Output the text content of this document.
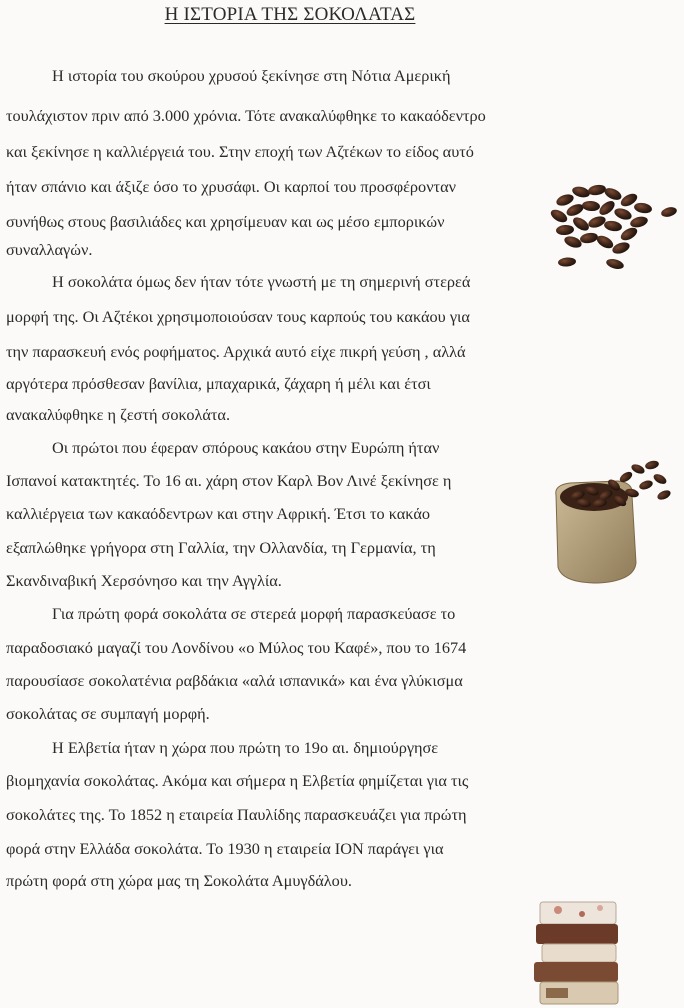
Η ΙΣΤΟΡΙΑ ΤΗΣ ΣΟΚΟΛΑΤΑΣ
Η ιστορία του σκούρου χρυσού ξεκίνησε στη Νότια Αμερική
τουλάχιστον πριν από 3.000 χρόνια. Τότε ανακαλύφθηκε το κακαόδεντρο
και ξεκίνησε η καλλιέργειά του. Στην εποχή των Αζτέκων το είδος αυτό
ήταν σπάνιο και άξιζε όσο το χρυσάφι. Οι καρποί του προσφέρονταν
συνήθως στους βασιλιάδες και χρησίμευαν και ως μέσο εμπορικών
συναλλαγών.
Η σοκολάτα όμως δεν ήταν τότε γνωστή με τη σημερινή στερεά
μορφή της. Οι Αζτέκοι χρησιμοποιούσαν τους καρπούς του κακάου για
την παρασκευή ενός ροφήματος. Αρχικά αυτό είχε πικρή γεύση , αλλά
αργότερα πρόσθεσαν βανίλια, μπαχαρικά, ζάχαρη ή μέλι και έτσι
ανακαλύφθηκε η ζεστή σοκολάτα.
Οι πρώτοι που έφεραν σπόρους κακάου στην Ευρώπη ήταν
Ισπανοί κατακτητές. Το 16 αι. χάρη στον Καρλ Βον Λινέ ξεκίνησε η
καλλιέργεια των κακαόδεντρων και στην Αφρική. Έτσι το κακάο
εξαπλώθηκε γρήγορα στη Γαλλία, την Ολλανδία, τη Γερμανία, τη
Σκανδιναβική Χερσόνησο και την Αγγλία.
Για πρώτη φορά σοκολάτα σε στερεά μορφή παρασκεύασε το
παραδοσιακό μαγαζί του Λονδίνου «ο Μύλος του Καφέ», που το 1674
παρουσίασε σοκολατένια ραβδάκια «αλά ισπανικά» και ένα γλύκισμα
σοκολάτας σε συμπαγή μορφή.
Η Ελβετία ήταν η χώρα που πρώτη το 19ο αι. δημιούργησε
βιομηχανία σοκολάτας. Ακόμα και σήμερα η Ελβετία φημίζεται για τις
σοκολάτες της. Το 1852 η εταιρεία Παυλίδης παρασκευάζει για πρώτη
φορά στην Ελλάδα σοκολάτα. Το 1930 η εταιρεία ΙΟΝ παράγει για
πρώτη φορά στη χώρα μας τη Σοκολάτα Αμυγδάλου.
